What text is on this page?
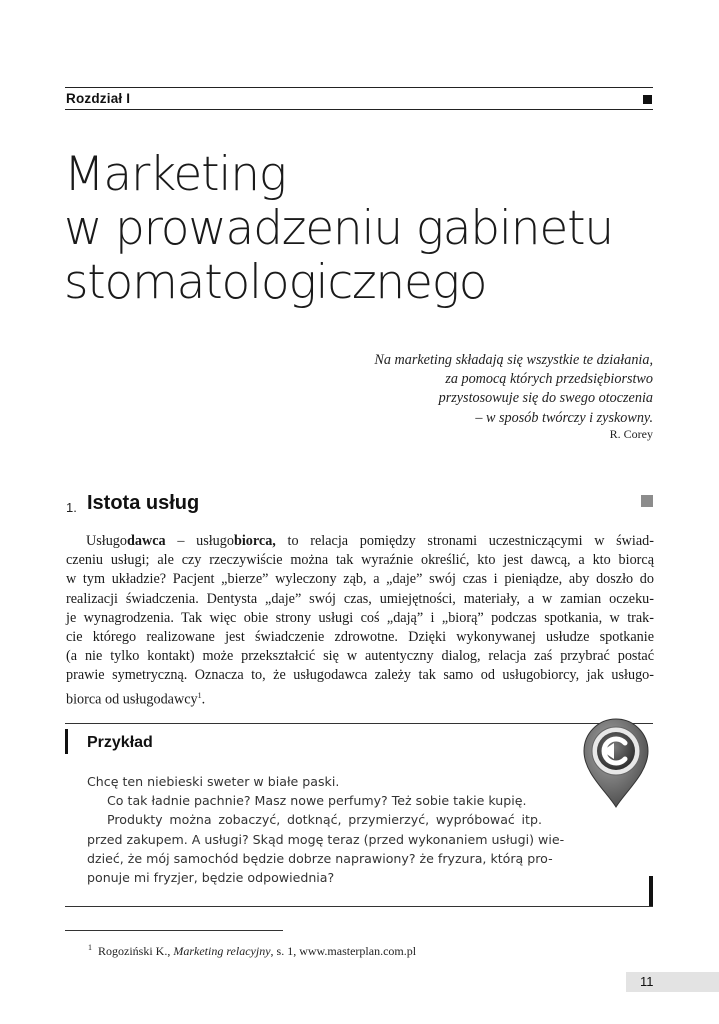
Rozdział I
Marketing
w prowadzeniu gabinetu
stomatologicznego
Na marketing składają się wszystkie te działania,
za pomocą których przedsiębiorstwo
przystosowuje się do swego otoczenia
– w sposób twórczy i zyskowny.
R. Corey
1. Istota usług
Usługodawca – usługobiorca, to relacja pomiędzy stronami uczestniczącymi w świad-
czeniu usługi; ale czy rzeczywiście można tak wyraźnie określić, kto jest dawcą, a kto biorcą
w tym układzie? Pacjent „bierze” wyleczony ząb, a „daje” swój czas i pieniądze, aby doszło do
realizacji świadczenia. Dentysta „daje” swój czas, umiejętności, materiały, a w zamian oczeku-
je wynagrodzenia. Tak więc obie strony usługi coś „dają” i „biorą” podczas spotkania, w trak-
cie którego realizowane jest świadczenie zdrowotne. Dzięki wykonywanej usłudze spotkanie
(a nie tylko kontakt) może przekształcić się w autentyczny dialog, relacja zaś przybrać postać
prawie symetryczną. Oznacza to, że usługodawca zależy tak samo od usługobiorcy, jak usługo-
biorca od usługodawcy$^1$.
Przykład
Chcę ten niebieski sweter w białe paski.
Co tak ładnie pachnie? Masz nowe perfumy? Też sobie takie kupię.
Produkty można zobaczyć, dotknąć, przymierzyć, wypróbować itp.
przed zakupem. A usługi? Skąd mogę teraz (przed wykonaniem usługi) wie-
dzieć, że mój samochód będzie dobrze naprawiony? że fryzura, którą pro-
ponuje mi fryzjer, będzie odpowiednia?
$^1$ Rogoziński K., Marketing relacyjny, s. 1, www.masterplan.com.pl
11
